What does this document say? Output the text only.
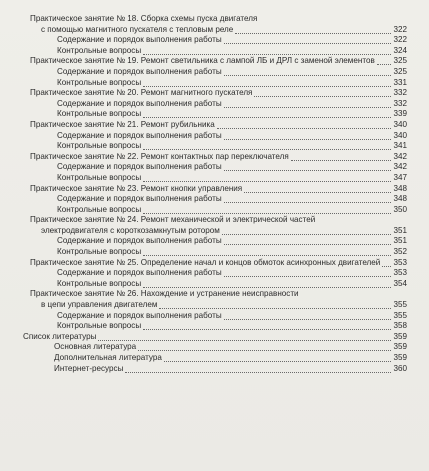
Практическое занятие № 18. Сборка схемы пуска двигателя
с помощью магнитного пускателя с тепловым реле	322
Содержание и порядок выполнения работы	322
Контрольные вопросы	324
Практическое занятие № 19. Ремонт светильника с лампой ЛБ и ДРЛ с заменой элементов 325
Содержание и порядок выполнения работы	325
Контрольные вопросы	331
Практическое занятие № 20. Ремонт магнитного пускателя	332
Содержание и порядок выполнения работы	332
Контрольные вопросы	339
Практическое занятие № 21. Ремонт рубильника	340
Содержание и порядок выполнения работы	340
Контрольные вопросы	341
Практическое занятие № 22. Ремонт контактных пар переключателя	342
Содержание и порядок выполнения работы	342
Контрольные вопросы	347
Практическое занятие № 23. Ремонт кнопки управления	348
Содержание и порядок выполнения работы	348
Контрольные вопросы	350
Практическое занятие № 24. Ремонт механической и электрической частей
электродвигателя с короткозамкнутым ротором	351
Содержание и порядок выполнения работы	351
Контрольные вопросы	352
Практическое занятие № 25. Определение начал и концов обмоток асинхронных двигателей 353
Содержание и порядок выполнения работы	353
Контрольные вопросы	354
Практическое занятие № 26. Нахождение и устранение неисправности
в цепи управления двигателем	355
Содержание и порядок выполнения работы	355
Контрольные вопросы	358
Список литературы	359
Основная литература	359
Дополнительная литература	359
Интернет-ресурсы	360
